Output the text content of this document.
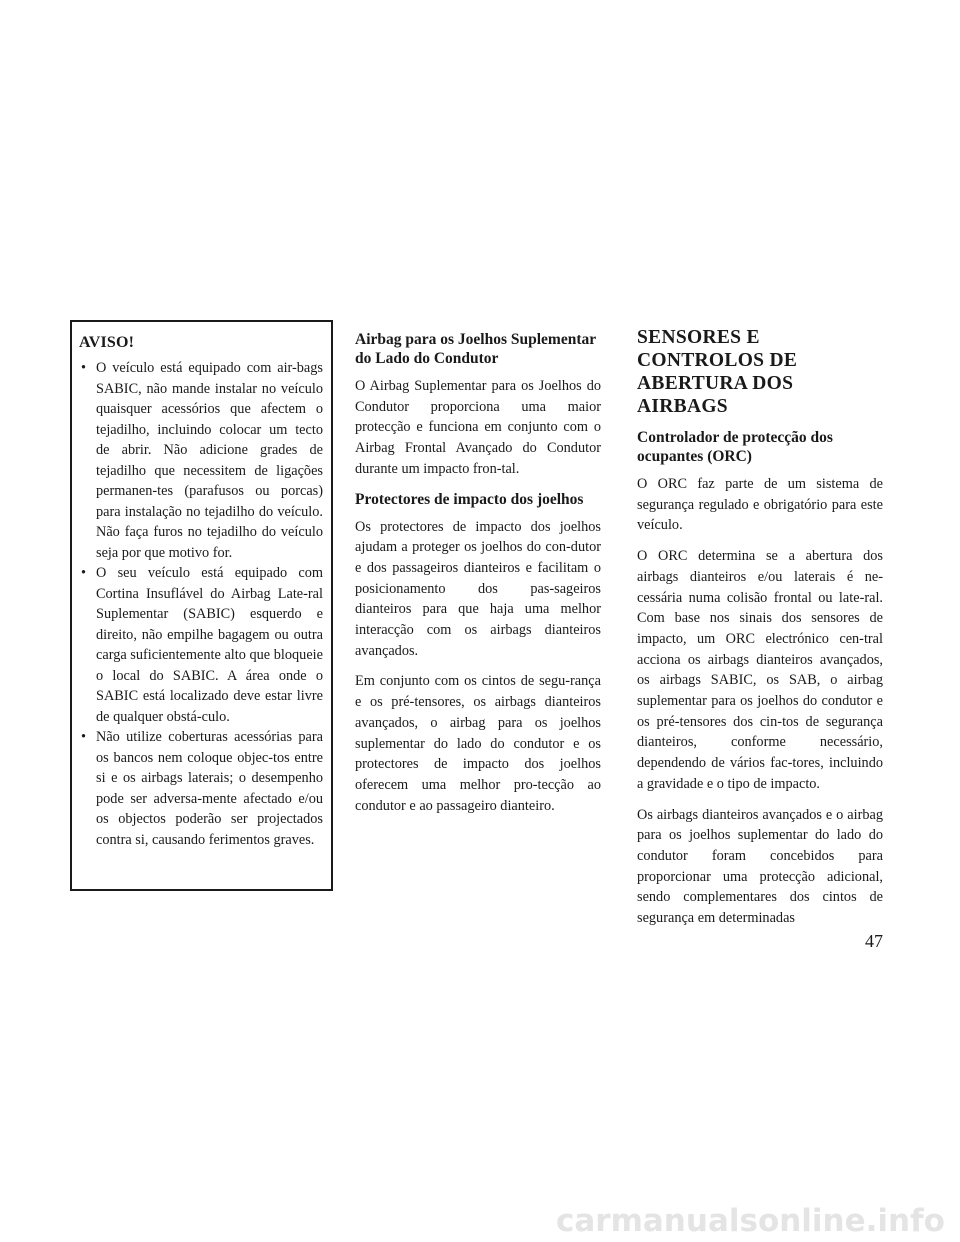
AVISO!
• O veículo está equipado com air-bags SABIC, não mande instalar no veículo quaisquer acessórios que afectem o tejadilho, incluindo colocar um tecto de abrir. Não adicione grades de tejadilho que necessitem de ligações permanen-tes (parafusos ou porcas) para instalação no tejadilho do veículo. Não faça furos no tejadilho do veículo seja por que motivo for.
• O seu veículo está equipado com Cortina Insuflável do Airbag Late-ral Suplementar (SABIC) esquerdo e direito, não empilhe bagagem ou outra carga suficientemente alto que bloqueie o local do SABIC. A área onde o SABIC está localizado deve estar livre de qualquer obstá-culo.
• Não utilize coberturas acessórias para os bancos nem coloque objec-tos entre si e os airbags laterais; o desempenho pode ser adversa-mente afectado e/ou os objectos poderão ser projectados contra si, causando ferimentos graves.
Airbag para os Joelhos Suplementar do Lado do Condutor

O Airbag Suplementar para os Joelhos do Condutor proporciona uma maior protecção e funciona em conjunto com o Airbag Frontal Avançado do Condutor durante um impacto fron-tal.

Protectores de impacto dos joelhos

Os protectores de impacto dos joelhos ajudam a proteger os joelhos do con-dutor e dos passageiros dianteiros e facilitam o posicionamento dos pas-sageiros dianteiros para que haja uma melhor interacção com os airbags dianteiros avançados.

Em conjunto com os cintos de segu-rança e os pré-tensores, os airbags dianteiros avançados, o airbag para os joelhos suplementar do lado do condutor e os protectores de impacto dos joelhos oferecem uma melhor pro-tecção ao condutor e ao passageiro dianteiro.

SENSORES E CONTROLOS DE ABERTURA DOS AIRBAGS
Controlador de protecção dos ocupantes (ORC)

O ORC faz parte de um sistema de segurança regulado e obrigatório para este veículo.

O ORC determina se a abertura dos airbags dianteiros e/ou laterais é ne-cessária numa colisão frontal ou late-ral. Com base nos sinais dos sensores de impacto, um ORC electrónico cen-tral acciona os airbags dianteiros avançados, os airbags SABIC, os SAB, o airbag suplementar para os joelhos do condutor e os pré-tensores dos cin-tos de segurança dianteiros, conforme necessário, dependendo de vários fac-tores, incluindo a gravidade e o tipo de impacto.

Os airbags dianteiros avançados e o airbag para os joelhos suplementar do lado do condutor foram concebidos para proporcionar uma protecção adicional, sendo complementares dos cintos de segurança em determinadas

47
carmanualsonline.info
